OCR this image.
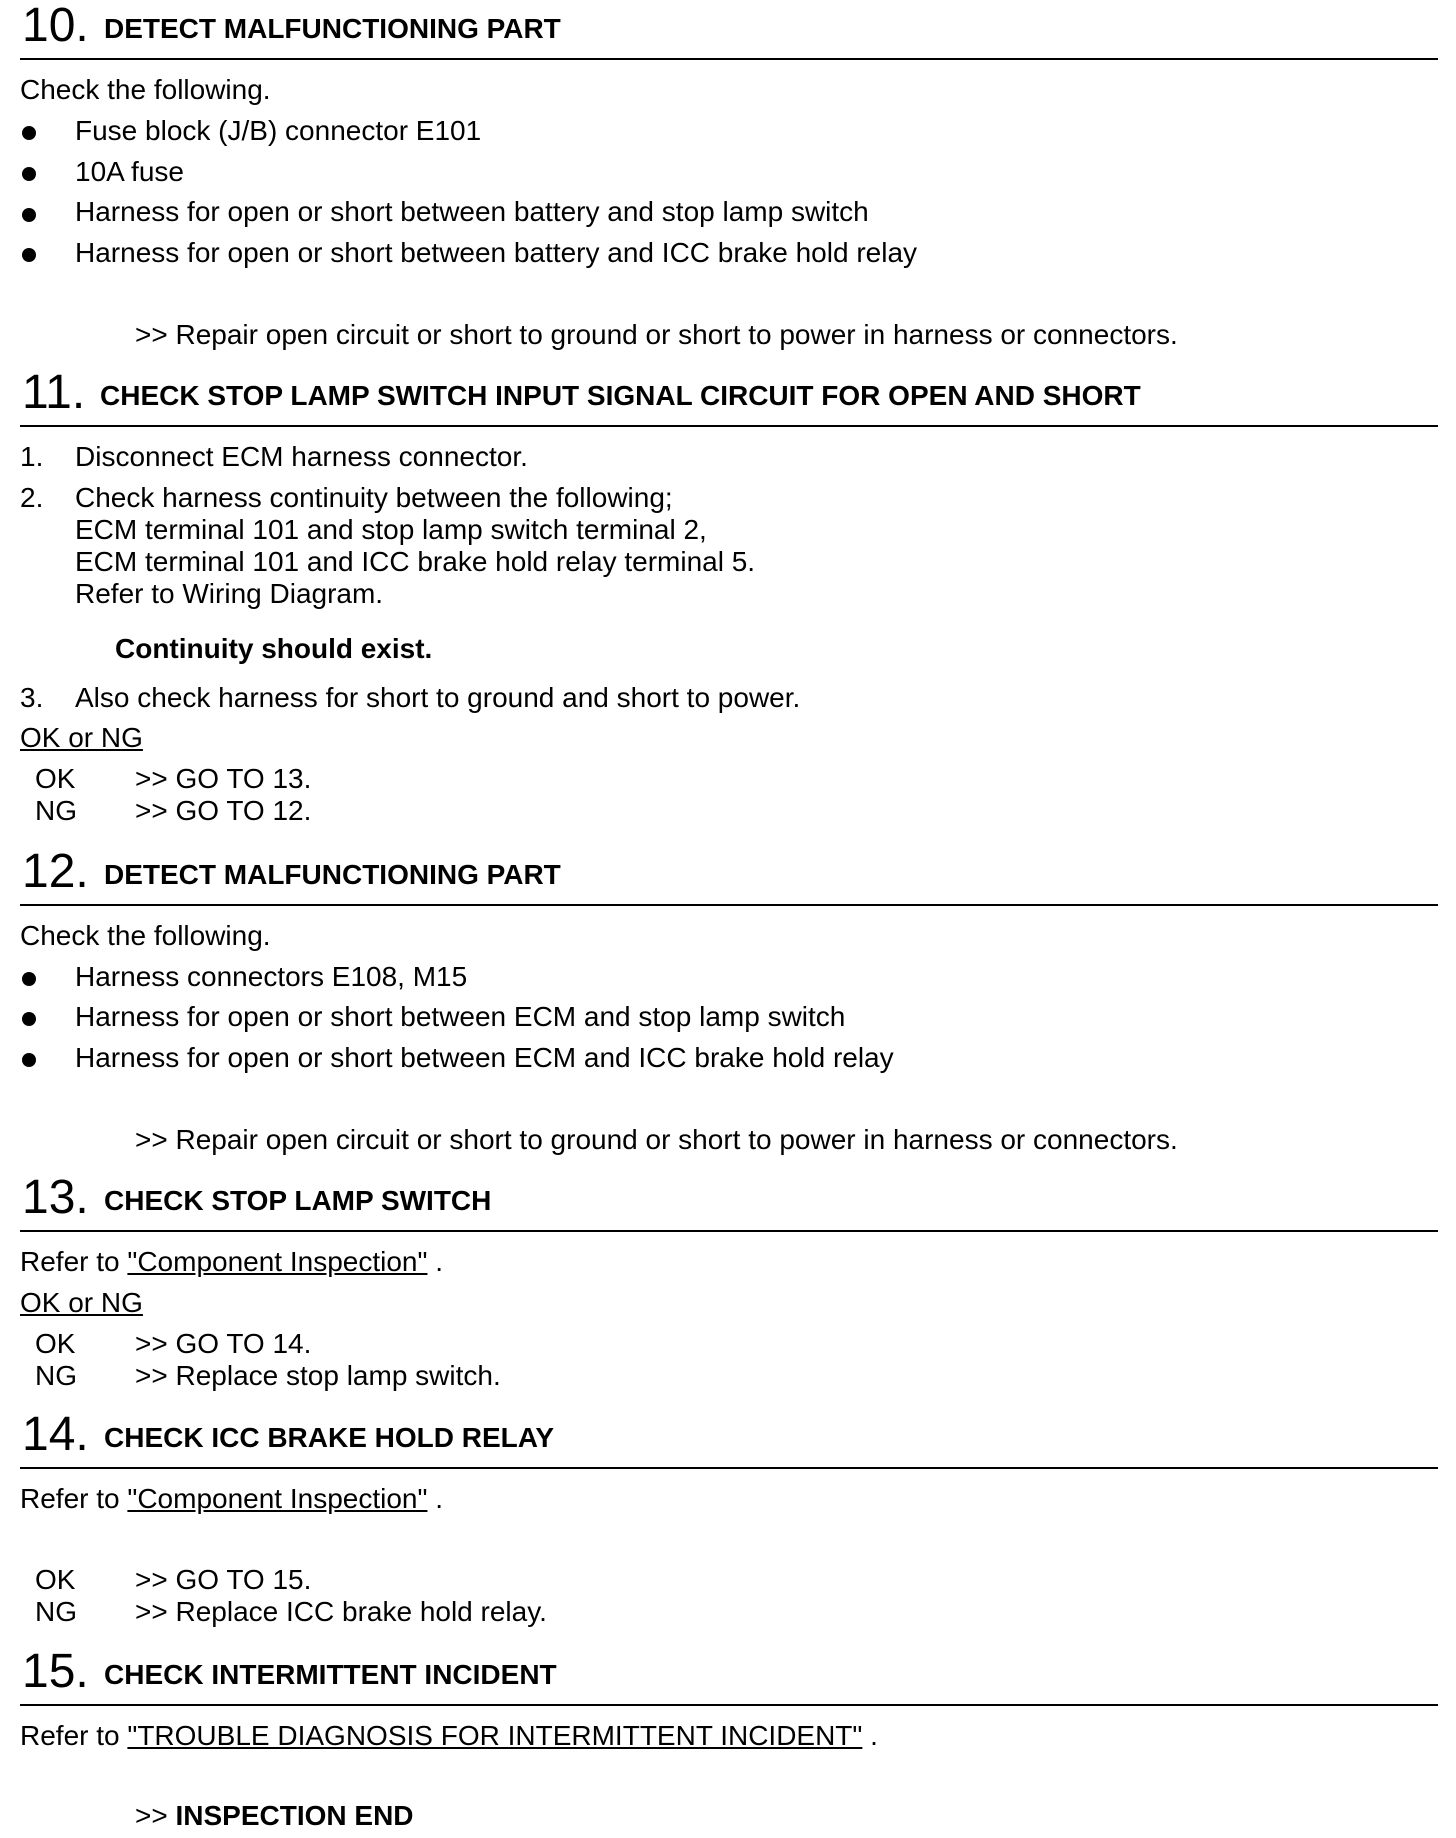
10. DETECT MALFUNCTIONING PART
Check the following.
Fuse block (J/B) connector E101
10A fuse
Harness for open or short between battery and stop lamp switch
Harness for open or short between battery and ICC brake hold relay
>> Repair open circuit or short to ground or short to power in harness or connectors.
11. CHECK STOP LAMP SWITCH INPUT SIGNAL CIRCUIT FOR OPEN AND SHORT
1. Disconnect ECM harness connector.
2. Check harness continuity between the following;
ECM terminal 101 and stop lamp switch terminal 2,
ECM terminal 101 and ICC brake hold relay terminal 5.
Refer to Wiring Diagram.
Continuity should exist.
3. Also check harness for short to ground and short to power.
OK or NG
OK >> GO TO 13.
NG >> GO TO 12.
12. DETECT MALFUNCTIONING PART
Check the following.
Harness connectors E108, M15
Harness for open or short between ECM and stop lamp switch
Harness for open or short between ECM and ICC brake hold relay
>> Repair open circuit or short to ground or short to power in harness or connectors.
13. CHECK STOP LAMP SWITCH
Refer to "Component Inspection" .
OK or NG
OK >> GO TO 14.
NG >> Replace stop lamp switch.
14. CHECK ICC BRAKE HOLD RELAY
Refer to "Component Inspection" .
OK >> GO TO 15.
NG >> Replace ICC brake hold relay.
15. CHECK INTERMITTENT INCIDENT
Refer to "TROUBLE DIAGNOSIS FOR INTERMITTENT INCIDENT" .
>> INSPECTION END
